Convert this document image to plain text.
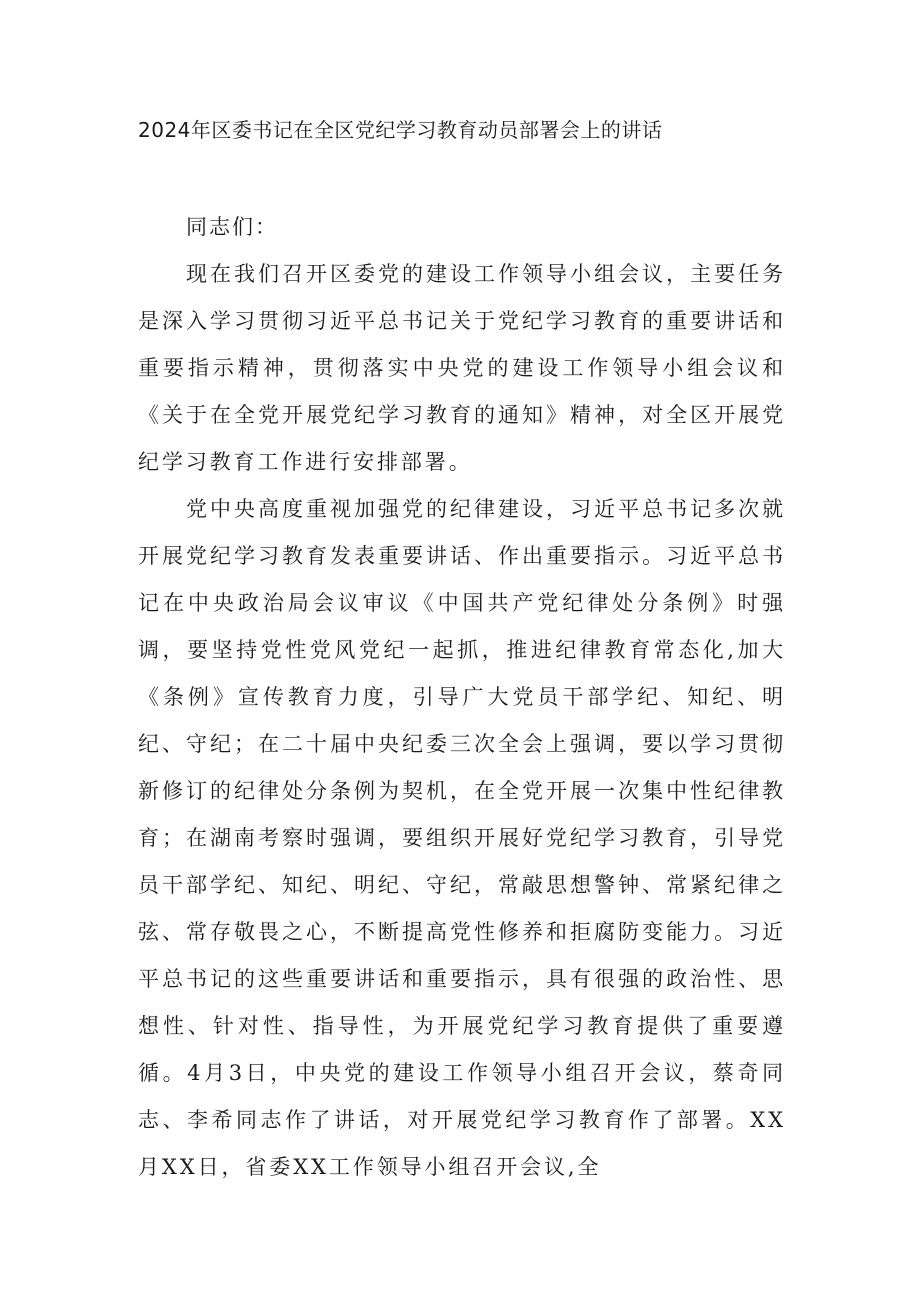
2024年区委书记在全区党纪学习教育动员部署会上的讲话

同志们：

现在我们召开区委党的建设工作领导小组会议，主要任务是深入学习贯彻习近平总书记关于党纪学习教育的重要讲话和重要指示精神，贯彻落实中央党的建设工作领导小组会议和《关于在全党开展党纪学习教育的通知》精神，对全区开展党纪学习教育工作进行安排部署。

党中央高度重视加强党的纪律建设，习近平总书记多次就开展党纪学习教育发表重要讲话、作出重要指示。习近平总书记在中央政治局会议审议《中国共产党纪律处分条例》时强调，要坚持党性党风党纪一起抓，推进纪律教育常态化,加大《条例》宣传教育力度，引导广大党员干部学纪、知纪、明纪、守纪；在二十届中央纪委三次全会上强调，要以学习贯彻新修订的纪律处分条例为契机，在全党开展一次集中性纪律教育；在湖南考察时强调，要组织开展好党纪学习教育，引导党员干部学纪、知纪、明纪、守纪，常敲思想警钟、常紧纪律之弦、常存敬畏之心，不断提高党性修养和拒腐防变能力。习近平总书记的这些重要讲话和重要指示，具有很强的政治性、思想性、针对性、指导性，为开展党纪学习教育提供了重要遵循。4月3日，中央党的建设工作领导小组召开会议，蔡奇同志、李希同志作了讲话，对开展党纪学习教育作了部署。XX月XX日，省委XX工作领导小组召开会议,全
